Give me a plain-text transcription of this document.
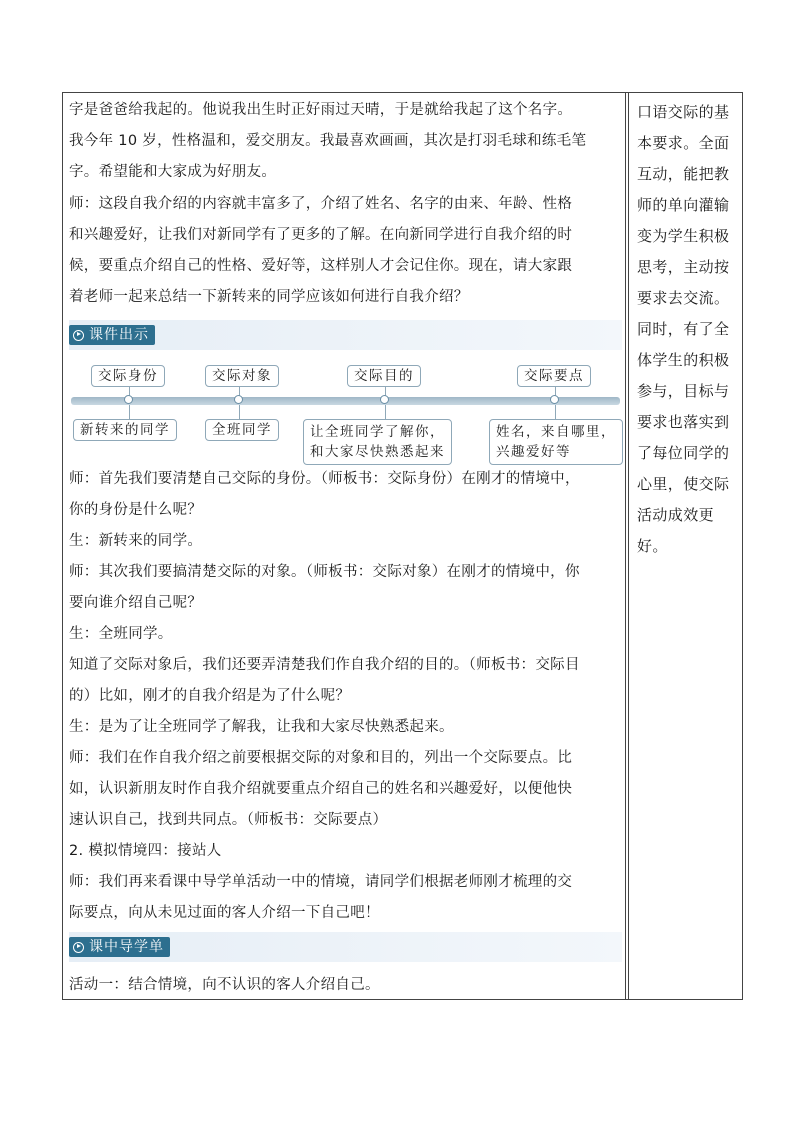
字是爸爸给我起的。他说我出生时正好雨过天晴，于是就给我起了这个名字。
我今年 10 岁，性格温和，爱交朋友。我最喜欢画画，其次是打羽毛球和练毛笔
字。希望能和大家成为好朋友。
师：这段自我介绍的内容就丰富多了，介绍了姓名、名字的由来、年龄、性格
和兴趣爱好，让我们对新同学有了更多的了解。在向新同学进行自我介绍的时
候，要重点介绍自己的性格、爱好等，这样别人才会记住你。现在，请大家跟
着老师一起来总结一下新转来的同学应该如何进行自我介绍？
课件出示
交际身份
新转来的同学
交际对象
全班同学
交际目的
让全班同学了解你，
和大家尽快熟悉起来
交际要点
姓名，来自哪里，
兴趣爱好等
师：首先我们要清楚自己交际的身份。（师板书：交际身份）在刚才的情境中，
你的身份是什么呢？
生：新转来的同学。
师：其次我们要搞清楚交际的对象。（师板书：交际对象）在刚才的情境中，你
要向谁介绍自己呢？
生：全班同学。
知道了交际对象后，我们还要弄清楚我们作自我介绍的目的。（师板书：交际目
的）比如，刚才的自我介绍是为了什么呢？
生：是为了让全班同学了解我，让我和大家尽快熟悉起来。
师：我们在作自我介绍之前要根据交际的对象和目的，列出一个交际要点。比
如，认识新朋友时作自我介绍就要重点介绍自己的姓名和兴趣爱好，以便他快
速认识自己，找到共同点。（师板书：交际要点）
2. 模拟情境四：接站人
师：我们再来看课中导学单活动一中的情境，请同学们根据老师刚才梳理的交
际要点，向从未见过面的客人介绍一下自己吧！
课中导学单
活动一：结合情境，向不认识的客人介绍自己。
口语交际的基
本要求。全面
互动，能把教
师的单向灌输
变为学生积极
思考，主动按
要求去交流。
同时，有了全
体学生的积极
参与，目标与
要求也落实到
了每位同学的
心里，使交际
活动成效更
好。
